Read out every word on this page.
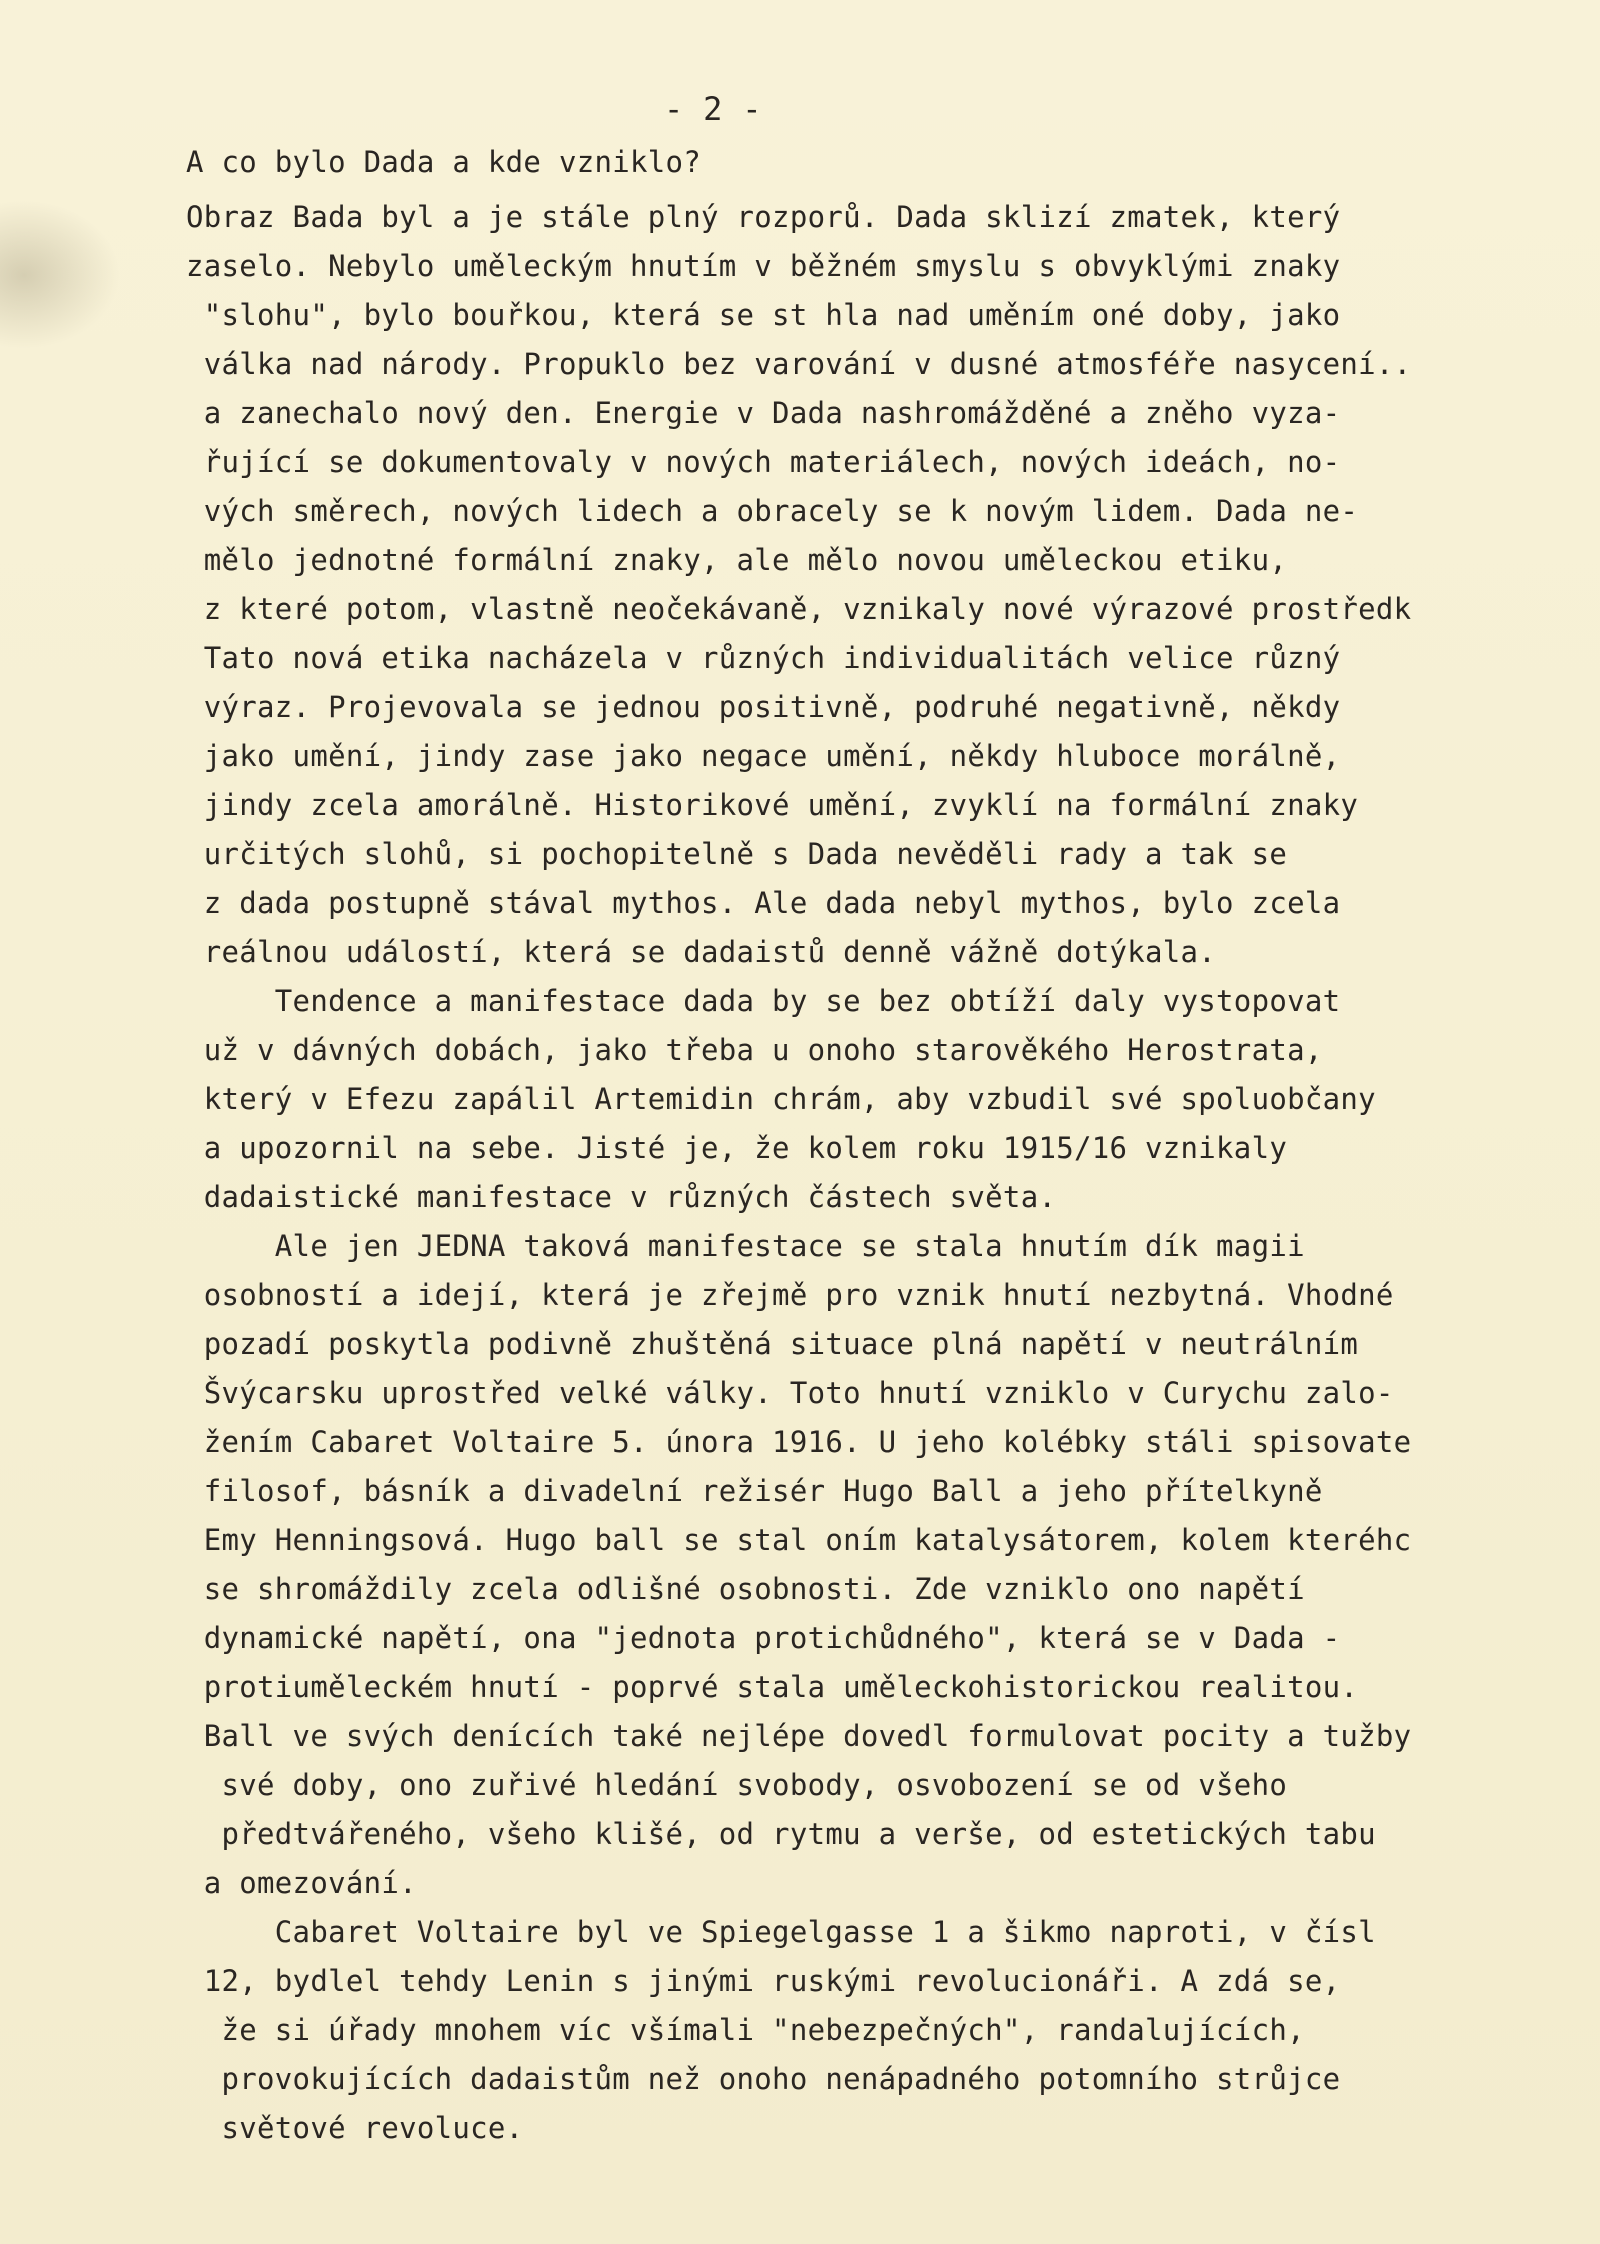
- 2 -
A co bylo Dada a kde vzniklo?
Obraz Bada byl a je stále plný rozporů. Dada sklizí zmatek, který
zaselo. Nebylo uměleckým hnutím v běžném smyslu s obvyklými znaky
"slohu", bylo bouřkou, která se st hla nad uměním oné doby, jako
válka nad národy. Propuklo bez varování v dusné atmosféře nasycení..
a zanechalo nový den. Energie v Dada nashromážděné a zněho vyza-
řující se dokumentovaly v nových materiálech, nových ideách, no-
vých směrech, nových lidech a obracely se k novým lidem. Dada ne-
mělo jednotné formální znaky, ale mělo novou uměleckou etiku,
z které potom, vlastně neočekávaně, vznikaly nové výrazové prostředk
Tato nová etika nacházela v různých individualitách velice různý
výraz. Projevovala se jednou positivně, podruhé negativně, někdy
jako umění, jindy zase jako negace umění, někdy hluboce morálně,
jindy zcela amorálně. Historikové umění, zvyklí na formální znaky
určitých slohů, si pochopitelně s Dada nevěděli rady a tak se
z dada postupně stával mythos. Ale dada nebyl mythos, bylo zcela
reálnou událostí, která se dadaistů denně vážně dotýkala.
Tendence a manifestace dada by se bez obtíží daly vystopovat
už v dávných dobách, jako třeba u onoho starověkého Herostrata,
který v Efezu zapálil Artemidin chrám, aby vzbudil své spoluobčany
a upozornil na sebe. Jisté je, že kolem roku 1915/16 vznikaly
dadaistické manifestace v různých částech světa.
Ale jen JEDNA taková manifestace se stala hnutím dík magii
osobností a idejí, která je zřejmě pro vznik hnutí nezbytná. Vhodné
pozadí poskytla podivně zhuštěná situace plná napětí v neutrálním
Švýcarsku uprostřed velké války. Toto hnutí vzniklo v Curychu zalo-
žením Cabaret Voltaire 5. února 1916. U jeho kolébky stáli spisovate
filosof, básník a divadelní režisér Hugo Ball a jeho přítelkyně
Emy Henningsová. Hugo ball se stal oním katalysátorem, kolem kteréhc
se shromáždily zcela odlišné osobnosti. Zde vzniklo ono napětí
dynamické napětí, ona "jednota protichůdného", která se v Dada -
protiuměleckém hnutí - poprvé stala uměleckohistorickou realitou.
Ball ve svých denících také nejlépe dovedl formulovat pocity a tužby
své doby, ono zuřivé hledání svobody, osvobození se od všeho
předtvářeného, všeho klišé, od rytmu a verše, od estetických tabu
a omezování.
Cabaret Voltaire byl ve Spiegelgasse 1 a šikmo naproti, v čísl
12, bydlel tehdy Lenin s jinými ruskými revolucionáři. A zdá se,
že si úřady mnohem víc všímali "nebezpečných", randalujících,
provokujících dadaistům než onoho nenápadného potomního strůjce
světové revoluce.
